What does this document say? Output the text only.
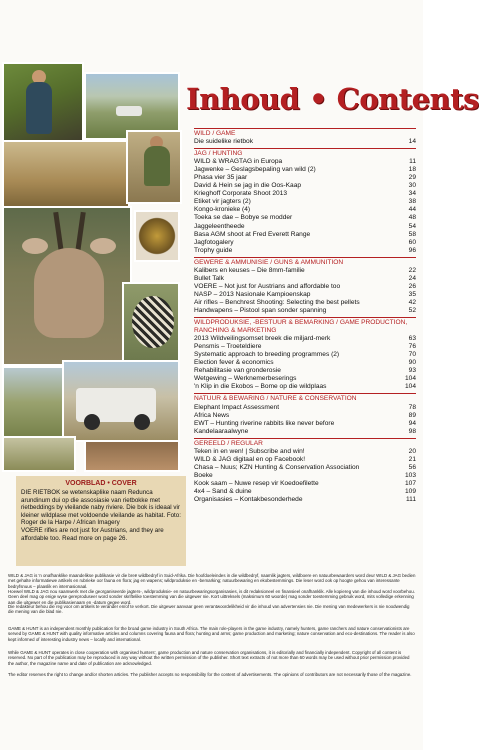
VOORBLAD • COVER

DIE RIETBOK se wetenskaplike naam Redunca arundinum dui op die assosiasie van rietbokke met rietbeddings by vleilande naby riviere. Die bok is ideaal vir kleiner wildplase met voldoende vleilande as habitat. Foto: Roger de la Harpe / African Imagery

VOERE rifles are not just for Austrians, and they are affordable too. Read more on page 26.

Inhoud • Contents
WILD / GAME
Die suidelike rietbok	14
JAG / HUNTING
WILD & WRAGTAG in Europa	11
Jagwenke – Geslagsbepaling van wild (2)	18
Phasa vier 35 jaar	29
David & Hein se jag in die Oos-Kaap	30
Krieghoff Corporate Shoot 2013	34
Etiket vir jagters (2)	38
Kongo-kronieke (4)	44
Toeka se dae – Bobye se modder	48
Jaggeleentheede	54
Basa AGM shoot at Fred Everett Range	58
Jagfotogalery	60
Trophy guide	96
GEWERE & AMMUNISIE / GUNS & AMMUNITION
Kalibers en keuses – Die 8mm-familie	22
Bullet Talk	24
VOERE – Not just for Austrians and affordable too	26
NASP – 2013 Nasionale Kampioenskap	35
Air rifles – Benchrest Shooting: Selecting the best pellets	42
Handwapens – Pistool span sonder spanning	52
WILDPRODUKSIE, -BESTUUR & BEMARKING / GAME PRODUCTION, RANCHING & MARKETING
2013 Wildveilingsomset breek die miljard-merk	63
Pensmis – Troeteldiere	76
Systematic approach to breeding programmes (2)	70
Election fever & economics	90
Rehabilitasie van gronderosie	93
Wetgewing – Werknemerbeserings	104
'n Klip in die Ekobos – Bome op die wildplaas	104
NATUUR & BEWARING / NATURE & CONSERVATION
Elephant Impact Assessment	78
Africa News	89
EWT – Hunting riverine rabbits like never before	94
Kandelaaraalwyne	98
GEREELD / REGULAR
Teken in en wen! | Subscribe and win!	20
WILD & JAG digitaal en op Facebook!	21
Chasa – Nuus; KZN Hunting & Conservation Association	56
Boeke	103
Kook saam – Nuwe resep vir Koedoefilette	107
4x4 – Sand & duine	109
Organisasies – Kontakbesonderhede	111
WILD & JAG is 'n onafhanklike maandelikse publikasie vir die breë wildbedryf in Suid-Afrika. Die hoofdoeleindes in die wildbedryf, naamlik jagters, wildboere en natuurbewaarders word deur WILD & JAG bedien met gehalte informatiewe artikels en rubrieke oor fauna en flora; jag en wapens; wildproduksie en -bemarking; natuurbewaring en ekobestemmings. Die leser word ook op hoogte gehou van interessante bedryfsnuus – plaaslik en internasionaal.
Hoewel WILD & JAG nou saamwerk met die georganiseerde jagters-, wildproduksie- en natuurbewaringsorganisasies, is dit redaksioneel en finansieel onafhanklik. Alle kopiereg van die inhoud word voorbehou. Geen deel mag op enige wyse gereproduseer word sonder skriftelike toestemming van die uitgewer nie. Kort uittreksels (maksimum 60 woorde) mag sonder toestemming gebruik word, mits volledige erkenning aan die uitgewer en die publikasienaam en -datum gegee word.
Die redakteur behou die reg voor om artikels te verander en/of te verkort. Die uitgewer aanvaar geen verantwoordelikheid vir die inhoud van advertensies nie. Die mening van medewerkers is nie noodwendig die mening van die blad nie.
GAME & HUNT is an independent monthly publication for the broad game industry in South Africa. The main role-players in the game industry, namely hunters, game ranchers and nature conservationists are served by GAME & HUNT with quality informative articles and columns covering fauna and flora; hunting and arms; game production and marketing; nature conservation and eco-destinations. The reader is also kept informed of interesting industry news – locally and international.
While GAME & HUNT operates in close cooperation with organised hunters', game production and nature conservation organisations, it is editorially and financially independent. Copyright of all content is reserved. No part of the publication may be reproduced in any way without the written permission of the publisher. Short text extracts of not more than 60 words may be used without prior permission provided the author, the magazine name and date of publication are acknowledged.
The editor reserves the right to change and/or shorten articles. The publisher accepts no responsibility for the content of advertisements. The opinions of contributors are not necessarily those of the magazine.
